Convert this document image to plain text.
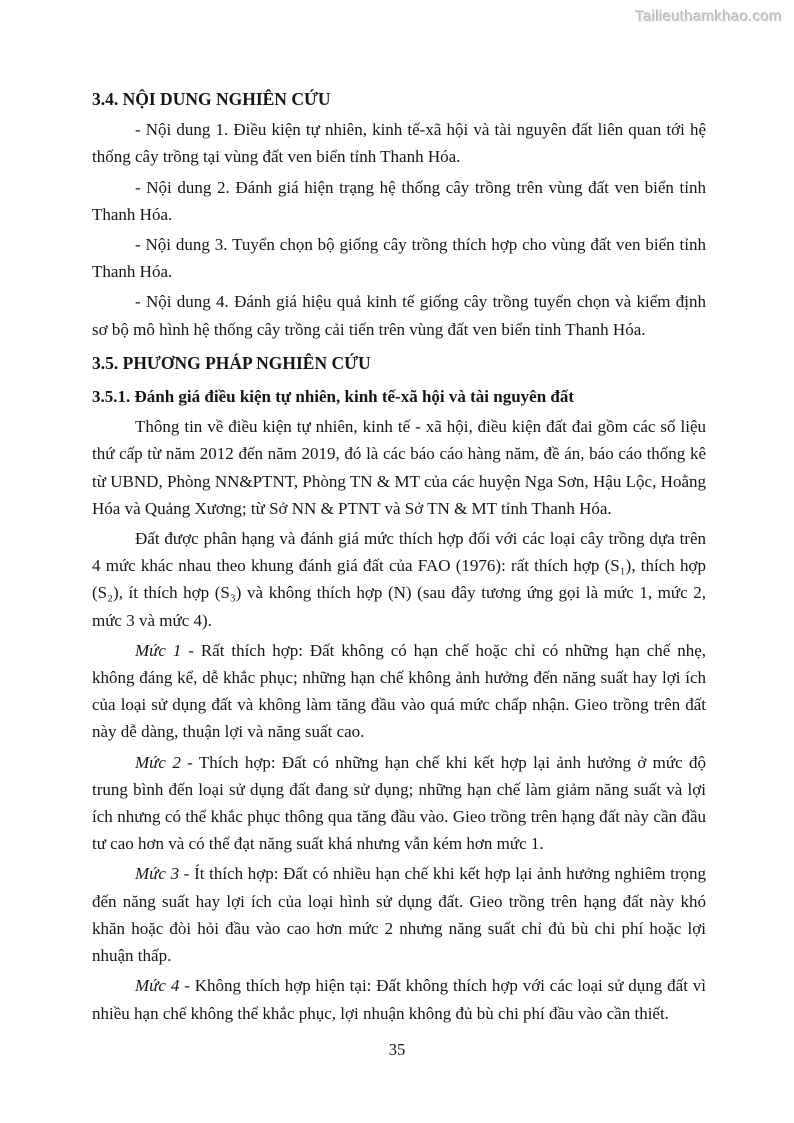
Tailieuthamkhao.com
3.4. NỘI DUNG NGHIÊN CỨU

- Nội dung 1. Điều kiện tự nhiên, kinh tế-xã hội và tài nguyên đất liên quan tới hệ thống cây trồng tại vùng đất ven biển tỉnh Thanh Hóa.

- Nội dung 2. Đánh giá hiện trạng hệ thống cây trồng trên vùng đất ven biển tỉnh Thanh Hóa.

- Nội dung 3. Tuyển chọn bộ giống cây trồng thích hợp cho vùng đất ven biển tỉnh Thanh Hóa.

- Nội dung 4. Đánh giá hiệu quả kinh tế giống cây trồng tuyển chọn và kiểm định sơ bộ mô hình hệ thống cây trồng cải tiến trên vùng đất ven biển tỉnh Thanh Hóa.

3.5. PHƯƠNG PHÁP NGHIÊN CỨU
3.5.1. Đánh giá điều kiện tự nhiên, kinh tế-xã hội và tài nguyên đất

Thông tin về điều kiện tự nhiên, kinh tế - xã hội, điều kiện đất đai gồm các số liệu thứ cấp từ năm 2012 đến năm 2019, đó là các báo cáo hàng năm, đề án, báo cáo thống kê từ UBND, Phòng NN&PTNT, Phòng TN & MT của các huyện Nga Sơn, Hậu Lộc, Hoằng Hóa và Quảng Xương; từ Sở NN & PTNT và Sở TN & MT tỉnh Thanh Hóa.

Đất được phân hạng và đánh giá mức thích hợp đối với các loại cây trồng dựa trên 4 mức khác nhau theo khung đánh giá đất của FAO (1976): rất thích hợp (S₁), thích hợp (S₂), ít thích hợp (S₃) và không thích hợp (N) (sau đây tương ứng gọi là mức 1, mức 2, mức 3 và mức 4).

Mức 1 - Rất thích hợp: Đất không có hạn chế hoặc chỉ có những hạn chế nhẹ, không đáng kể, dễ khắc phục; những hạn chế không ảnh hưởng đến năng suất hay lợi ích của loại sử dụng đất và không làm tăng đầu vào quá mức chấp nhận. Gieo trồng trên đất này dễ dàng, thuận lợi và năng suất cao.

Mức 2 - Thích hợp: Đất có những hạn chế khi kết hợp lại ảnh hưởng ở mức độ trung bình đến loại sử dụng đất đang sử dụng; những hạn chế làm giảm năng suất và lợi ích nhưng có thể khắc phục thông qua tăng đầu vào. Gieo trồng trên hạng đất này cần đầu tư cao hơn và có thể đạt năng suất khá nhưng vẫn kém hơn mức 1.

Mức 3 - Ít thích hợp: Đất có nhiều hạn chế khi kết hợp lại ảnh hưởng nghiêm trọng đến năng suất hay lợi ích của loại hình sử dụng đất. Gieo trồng trên hạng đất này khó khăn hoặc đòi hỏi đầu vào cao hơn mức 2 nhưng năng suất chỉ đủ bù chi phí hoặc lợi nhuận thấp.

Mức 4 - Không thích hợp hiện tại: Đất không thích hợp với các loại sử dụng đất vì nhiều hạn chế không thể khắc phục, lợi nhuận không đủ bù chi phí đầu vào cần thiết.

35
